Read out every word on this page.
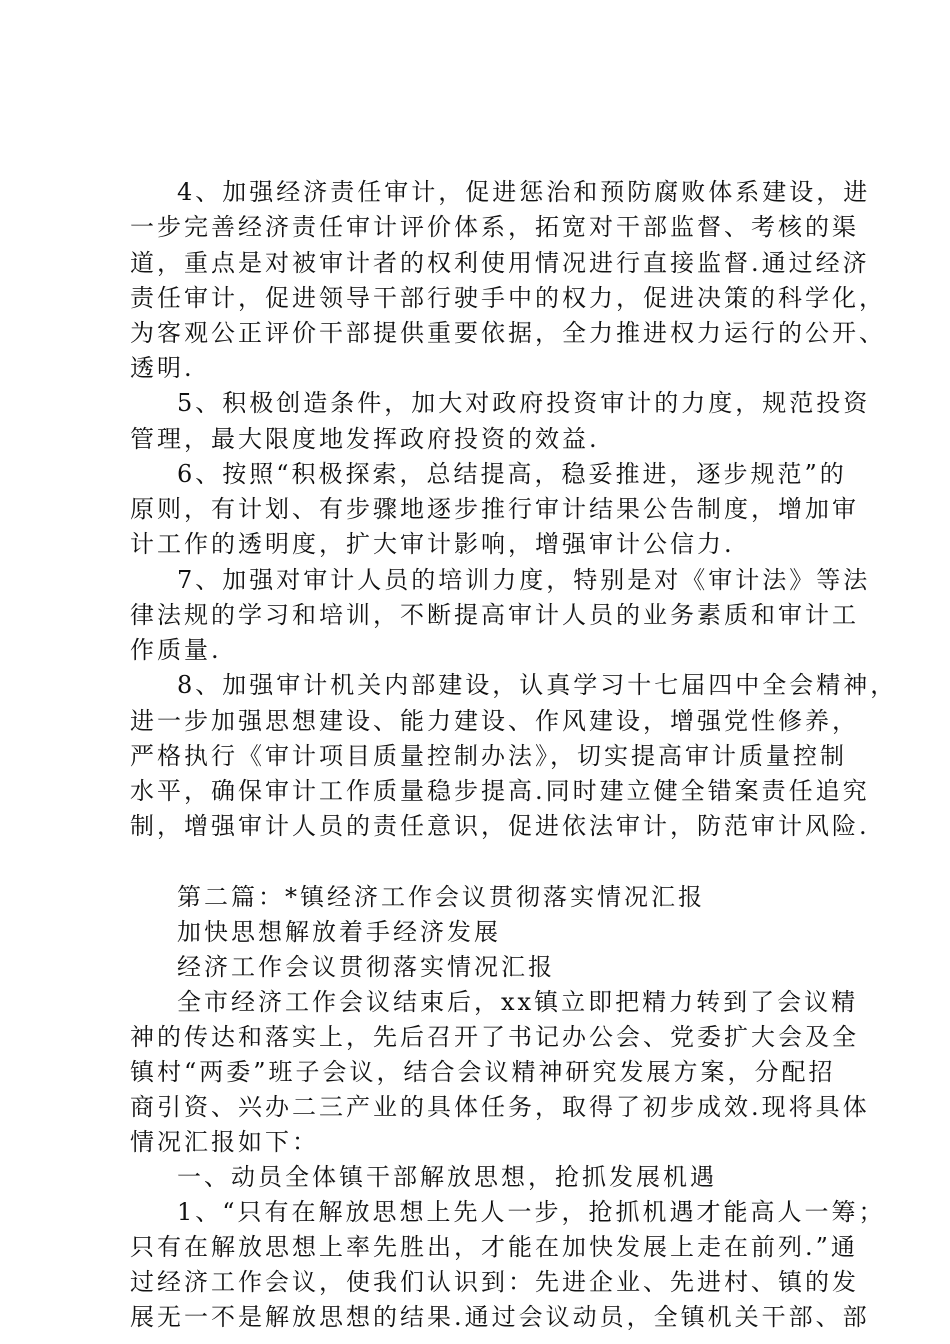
4、加强经济责任审计，促进惩治和预防腐败体系建设，进
一步完善经济责任审计评价体系，拓宽对干部监督、考核的渠
道，重点是对被审计者的权利使用情况进行直接监督.通过经济
责任审计，促进领导干部行驶手中的权力，促进决策的科学化，
为客观公正评价干部提供重要依据，全力推进权力运行的公开、
透明.
5、积极创造条件，加大对政府投资审计的力度，规范投资
管理，最大限度地发挥政府投资的效益.
6、按照“积极探索，总结提高，稳妥推进，逐步规范”的
原则，有计划、有步骤地逐步推行审计结果公告制度，增加审
计工作的透明度，扩大审计影响，增强审计公信力.
7、加强对审计人员的培训力度，特别是对《审计法》等法
律法规的学习和培训，不断提高审计人员的业务素质和审计工
作质量.
8、加强审计机关内部建设，认真学习十七届四中全会精神，
进一步加强思想建设、能力建设、作风建设，增强党性修养，
严格执行《审计项目质量控制办法》，切实提高审计质量控制
水平，确保审计工作质量稳步提高.同时建立健全错案责任追究
制，增强审计人员的责任意识，促进依法审计，防范审计风险.
第二篇：*镇经济工作会议贯彻落实情况汇报
加快思想解放着手经济发展
经济工作会议贯彻落实情况汇报
全市经济工作会议结束后，xx镇立即把精力转到了会议精
神的传达和落实上，先后召开了书记办公会、党委扩大会及全
镇村“两委”班子会议，结合会议精神研究发展方案，分配招
商引资、兴办二三产业的具体任务，取得了初步成效.现将具体
情况汇报如下：
一、动员全体镇干部解放思想，抢抓发展机遇
1、“只有在解放思想上先人一步，抢抓机遇才能高人一筹；
只有在解放思想上率先胜出，才能在加快发展上走在前列.”通
过经济工作会议，使我们认识到：先进企业、先进村、镇的发
展无一不是解放思想的结果.通过会议动员，全镇机关干部、部
